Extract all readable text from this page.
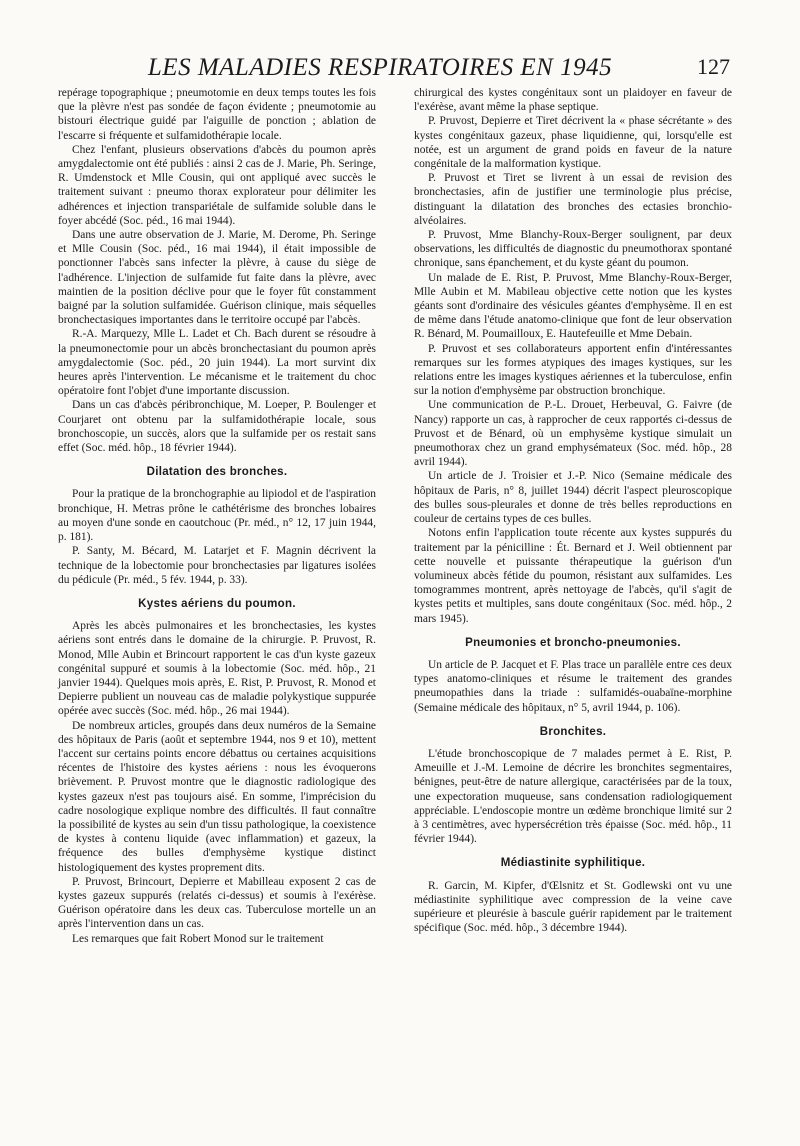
LES MALADIES RESPIRATOIRES EN 1945	127

repérage topographique ; pneumotomie en deux temps toutes les fois que la plèvre n'est pas sondée de façon évidente ; pneumotomie au bistouri électrique guidé par l'aiguille de ponction ; ablation de l'escarre si fréquente et sulfamidothérapie locale.

Chez l'enfant, plusieurs observations d'abcès du poumon après amygdalectomie ont été publiés : ainsi 2 cas de J. Marie, Ph. Seringe, R. Umdenstock et Mlle Cousin, qui ont appliqué avec succès le traitement suivant : pneumo thorax explorateur pour délimiter les adhérences et injection transpariétale de sulfamide soluble dans le foyer abcédé (Soc. péd., 16 mai 1944).

Dans une autre observation de J. Marie, M. Derome, Ph. Seringe et Mlle Cousin (Soc. péd., 16 mai 1944), il était impossible de ponctionner l'abcès sans infecter la plèvre, à cause du siège de l'adhérence. L'injection de sulfamide fut faite dans la plèvre, avec maintien de la position déclive pour que le foyer fût constamment baigné par la solution sulfamidée. Guérison clinique, mais séquelles bronchectasiques importantes dans le territoire occupé par l'abcès.

R.-A. Marquezy, Mlle L. Ladet et Ch. Bach durent se résoudre à la pneumonectomie pour un abcès bronchectasiant du poumon après amygdalectomie (Soc. péd., 20 juin 1944). La mort survint dix heures après l'intervention. Le mécanisme et le traitement du choc opératoire font l'objet d'une importante discussion.

Dans un cas d'abcès péribronchique, M. Loeper, P. Boulenger et Courjaret ont obtenu par la sulfamidothérapie locale, sous bronchoscopie, un succès, alors que la sulfamide per os restait sans effet (Soc. méd. hôp., 18 février 1944).

Dilatation des bronches.

Pour la pratique de la bronchographie au lipiodol et de l'aspiration bronchique, H. Metras prône le cathétérisme des bronches lobaires au moyen d'une sonde en caoutchouc (Pr. méd., n° 12, 17 juin 1944, p. 181).

P. Santy, M. Bécard, M. Latarjet et F. Magnin décrivent la technique de la lobectomie pour bronchectasies par ligatures isolées du pédicule (Pr. méd., 5 fév. 1944, p. 33).

Kystes aériens du poumon.

Après les abcès pulmonaires et les bronchectasies, les kystes aériens sont entrés dans le domaine de la chirurgie. P. Pruvost, R. Monod, Mlle Aubin et Brincourt rapportent le cas d'un kyste gazeux congénital suppuré et soumis à la lobectomie (Soc. méd. hôp., 21 janvier 1944). Quelques mois après, E. Rist, P. Pruvost, R. Monod et Depierre publient un nouveau cas de maladie polykystique suppurée opérée avec succès (Soc. méd. hôp., 26 mai 1944).

De nombreux articles, groupés dans deux numéros de la Semaine des hôpitaux de Paris (août et septembre 1944, nos 9 et 10), mettent l'accent sur certains points encore débattus ou certaines acquisitions récentes de l'histoire des kystes aériens : nous les évoquerons brièvement. P. Pruvost montre que le diagnostic radiologique des kystes gazeux n'est pas toujours aisé. En somme, l'imprécision du cadre nosologique explique nombre des difficultés. Il faut connaître la possibilité de kystes au sein d'un tissu pathologique, la coexistence de kystes à contenu liquide (avec inflammation) et gazeux, la fréquence des bulles d'emphysème kystique distinct histologiquement des kystes proprement dits.

P. Pruvost, Brincourt, Depierre et Mabilleau exposent 2 cas de kystes gazeux suppurés (relatés ci-dessus) et soumis à l'exérèse. Guérison opératoire dans les deux cas. Tuberculose mortelle un an après l'intervention dans un cas.

Les remarques que fait Robert Monod sur le traitement

chirurgical des kystes congénitaux sont un plaidoyer en faveur de l'exérèse, avant même la phase septique.

P. Pruvost, Depierre et Tiret décrivent la « phase sécrétante » des kystes congénitaux gazeux, phase liquidienne, qui, lorsqu'elle est notée, est un argument de grand poids en faveur de la nature congénitale de la malformation kystique.

P. Pruvost et Tiret se livrent à un essai de revision des bronchectasies, afin de justifier une terminologie plus précise, distinguant la dilatation des bronches des ectasies bronchio-alvéolaires.

P. Pruvost, Mme Blanchy-Roux-Berger soulignent, par deux observations, les difficultés de diagnostic du pneumothorax spontané chronique, sans épanchement, et du kyste géant du poumon.

Un malade de E. Rist, P. Pruvost, Mme Blanchy-Roux-Berger, Mlle Aubin et M. Mabileau objective cette notion que les kystes géants sont d'ordinaire des vésicules géantes d'emphysème. Il en est de même dans l'étude anatomo-clinique que font de leur observation R. Bénard, M. Poumailloux, E. Hautefeuille et Mme Debain.

P. Pruvost et ses collaborateurs apportent enfin d'intéressantes remarques sur les formes atypiques des images kystiques, sur les relations entre les images kystiques aériennes et la tuberculose, enfin sur la notion d'emphysème par obstruction bronchique.

Une communication de P.-L. Drouet, Herbeuval, G. Faivre (de Nancy) rapporte un cas, à rapprocher de ceux rapportés ci-dessus de Pruvost et de Bénard, où un emphysème kystique simulait un pneumothorax chez un grand emphysémateux (Soc. méd. hôp., 28 avril 1944).

Un article de J. Troisier et J.-P. Nico (Semaine médicale des hôpitaux de Paris, n° 8, juillet 1944) décrit l'aspect pleuroscopique des bulles sous-pleurales et donne de très belles reproductions en couleur de certains types de ces bulles.

Notons enfin l'application toute récente aux kystes suppurés du traitement par la pénicilline : Ét. Bernard et J. Weil obtiennent par cette nouvelle et puissante thérapeutique la guérison d'un volumineux abcès fétide du poumon, résistant aux sulfamides. Les tomogrammes montrent, après nettoyage de l'abcès, qu'il s'agit de kystes petits et multiples, sans doute congénitaux (Soc. méd. hôp., 2 mars 1945).

Pneumonies et broncho-pneumonies.

Un article de P. Jacquet et F. Plas trace un parallèle entre ces deux types anatomo-cliniques et résume le traitement des grandes pneumopathies dans la triade : sulfamidés-ouabaïne-morphine (Semaine médicale des hôpitaux, n° 5, avril 1944, p. 106).

Bronchites.

L'étude bronchoscopique de 7 malades permet à E. Rist, P. Ameuille et J.-M. Lemoine de décrire les bronchites segmentaires, bénignes, peut-être de nature allergique, caractérisées par de la toux, une expectoration muqueuse, sans condensation radiologiquement appréciable. L'endoscopie montre un œdème bronchique limité sur 2 à 3 centimètres, avec hypersécrétion très épaisse (Soc. méd. hôp., 11 février 1944).

Médiastinite syphilitique.

R. Garcin, M. Kipfer, d'Œlsnitz et St. Godlewski ont vu une médiastinite syphilitique avec compression de la veine cave supérieure et pleurésie à bascule guérir rapidement par le traitement spécifique (Soc. méd. hôp., 3 décembre 1944).
